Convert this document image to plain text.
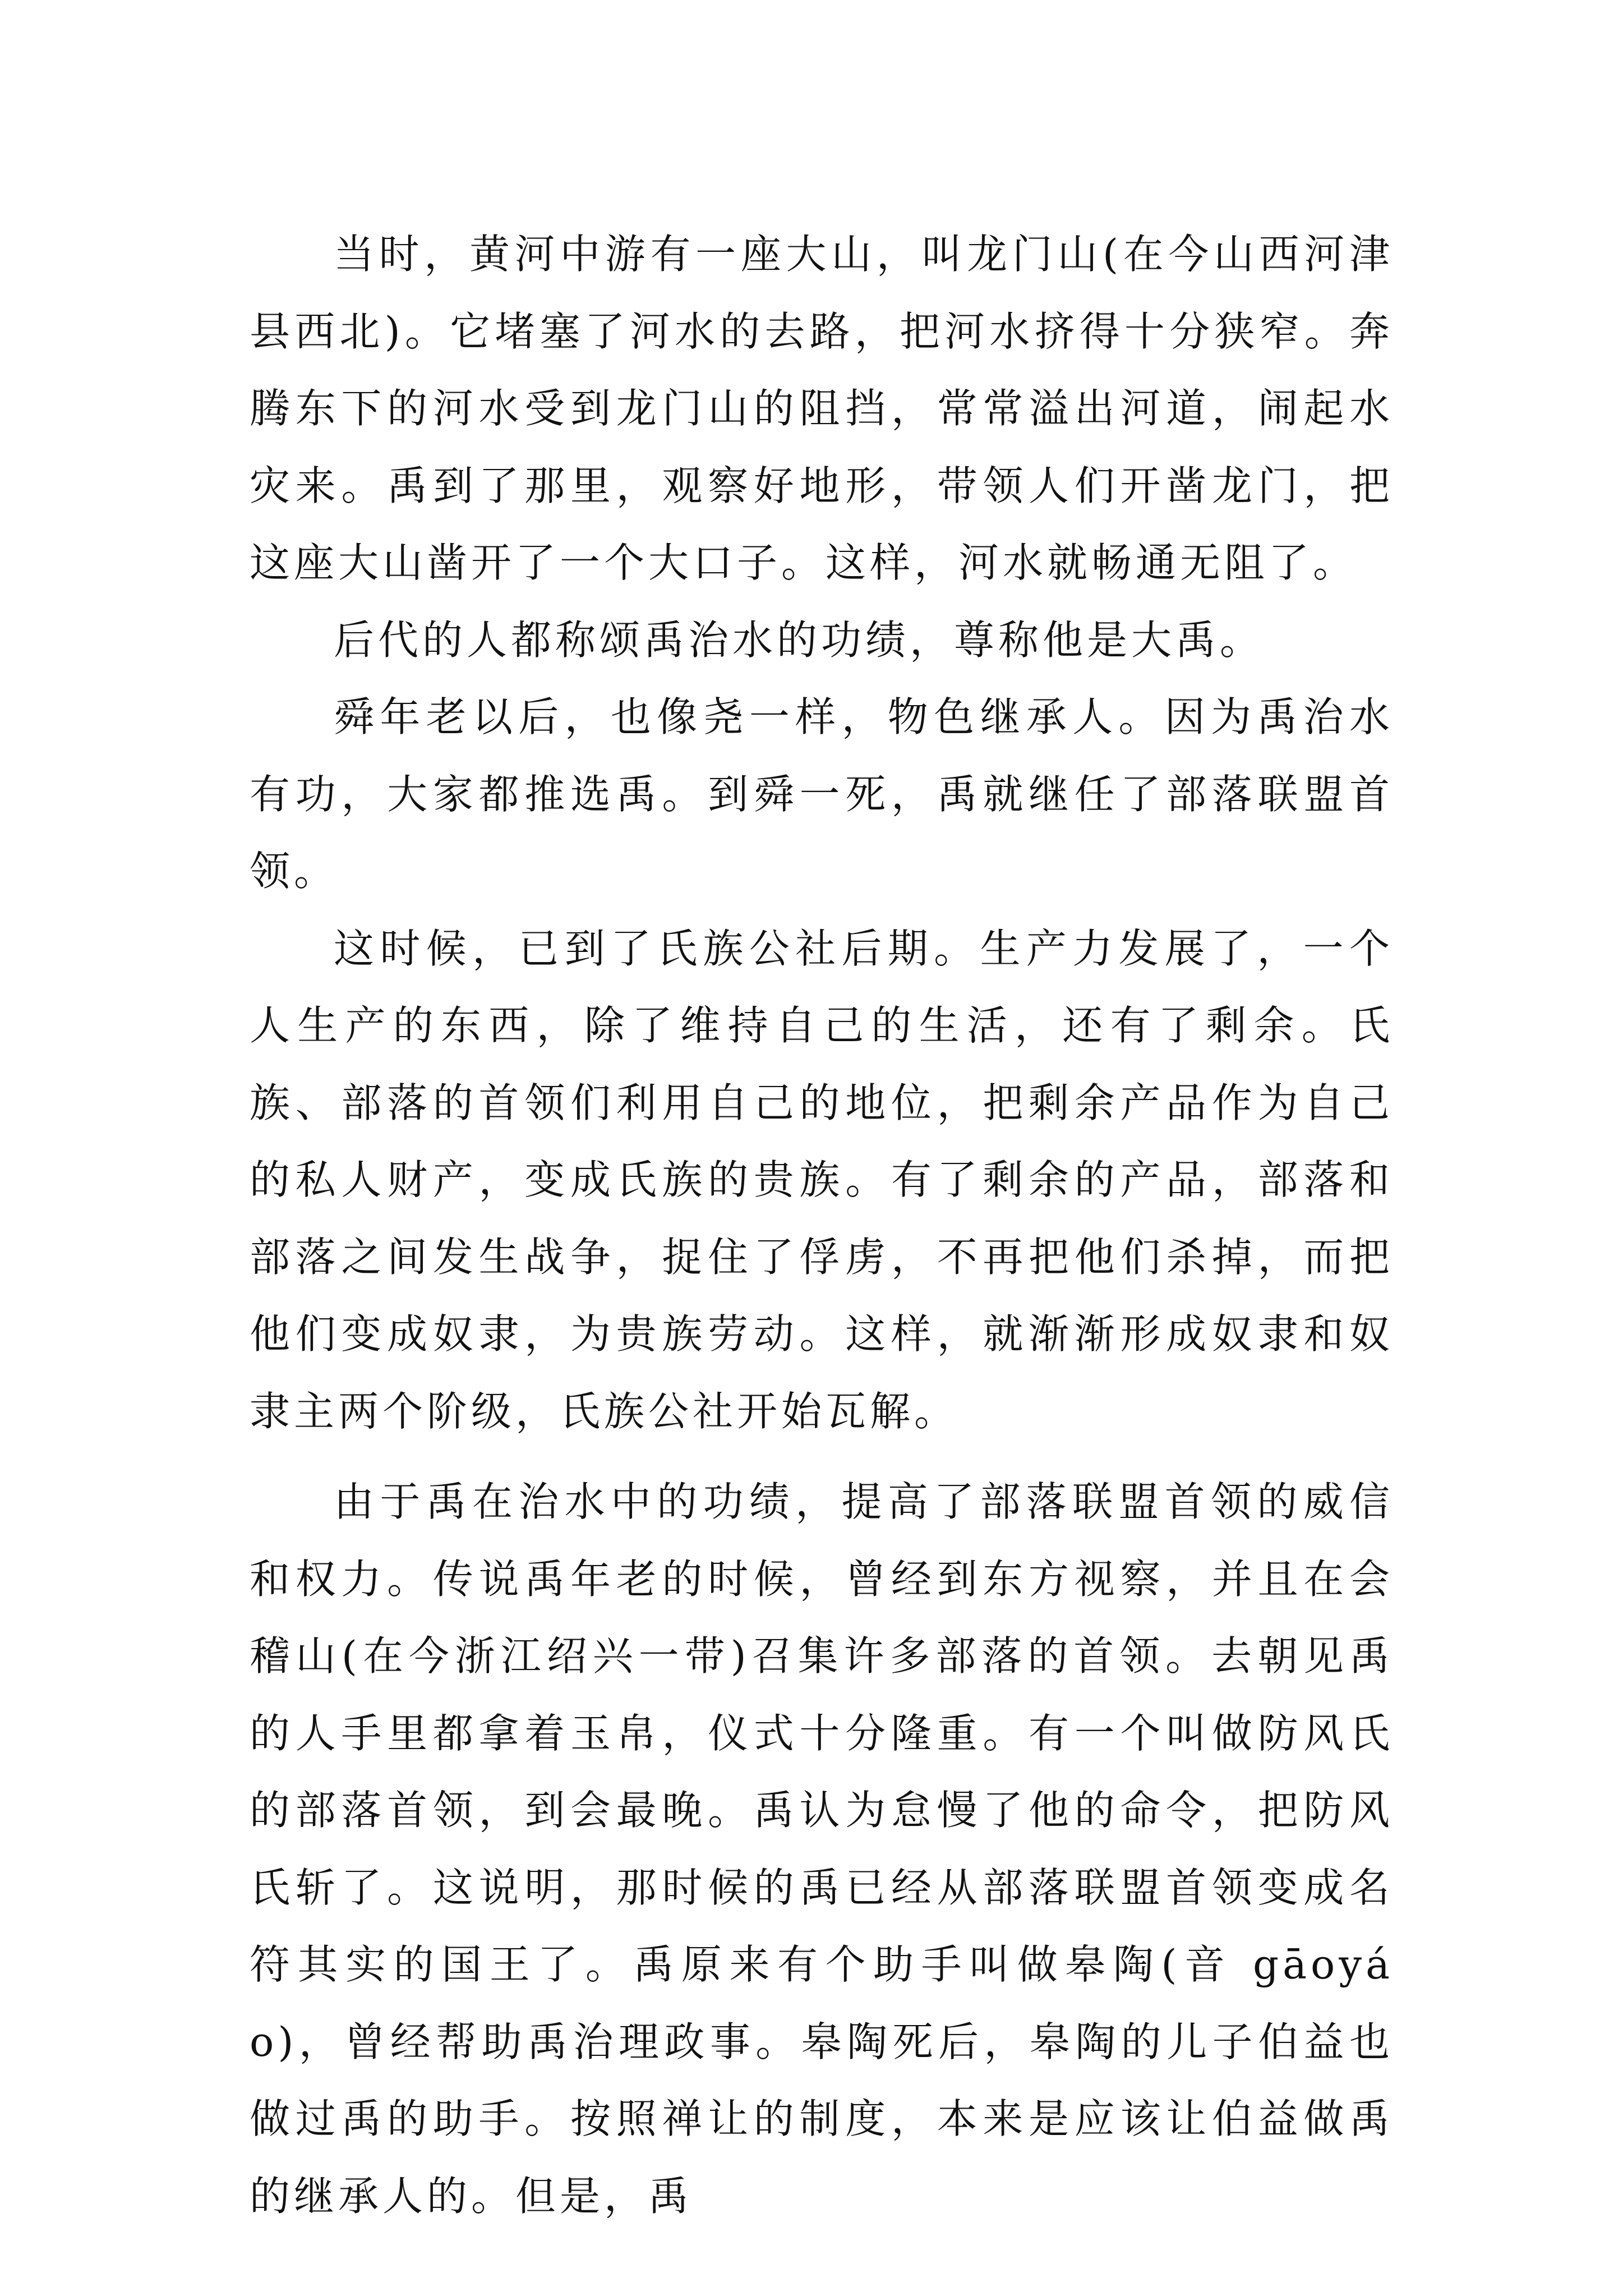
当时，黄河中游有一座大山，叫龙门山(在今山西河津县西北)。它堵塞了河水的去路，把河水挤得十分狭窄。奔腾东下的河水受到龙门山的阻挡，常常溢出河道，闹起水灾来。禹到了那里，观察好地形，带领人们开凿龙门，把这座大山凿开了一个大口子。这样，河水就畅通无阻了。

后代的人都称颂禹治水的功绩，尊称他是大禹。

舜年老以后，也像尧一样，物色继承人。因为禹治水有功，大家都推选禹。到舜一死，禹就继任了部落联盟首领。

这时候，已到了氏族公社后期。生产力发展了，一个人生产的东西，除了维持自己的生活，还有了剩余。氏族、部落的首领们利用自己的地位，把剩余产品作为自己的私人财产，变成氏族的贵族。有了剩余的产品，部落和部落之间发生战争，捉住了俘虏，不再把他们杀掉，而把他们变成奴隶，为贵族劳动。这样，就渐渐形成奴隶和奴隶主两个阶级，氏族公社开始瓦解。

由于禹在治水中的功绩，提高了部落联盟首领的威信和权力。传说禹年老的时候，曾经到东方视察，并且在会稽山(在今浙江绍兴一带)召集许多部落的首领。去朝见禹的人手里都拿着玉帛，仪式十分隆重。有一个叫做防风氏的部落首领，到会最晚。禹认为怠慢了他的命令，把防风氏斩了。这说明，那时候的禹已经从部落联盟首领变成名符其实的国王了。禹原来有个助手叫做皋陶(音 gāoyáo)，曾经帮助禹治理政事。皋陶死后，皋陶的儿子伯益也做过禹的助手。按照禅让的制度，本来是应该让伯益做禹的继承人的。但是，禹
